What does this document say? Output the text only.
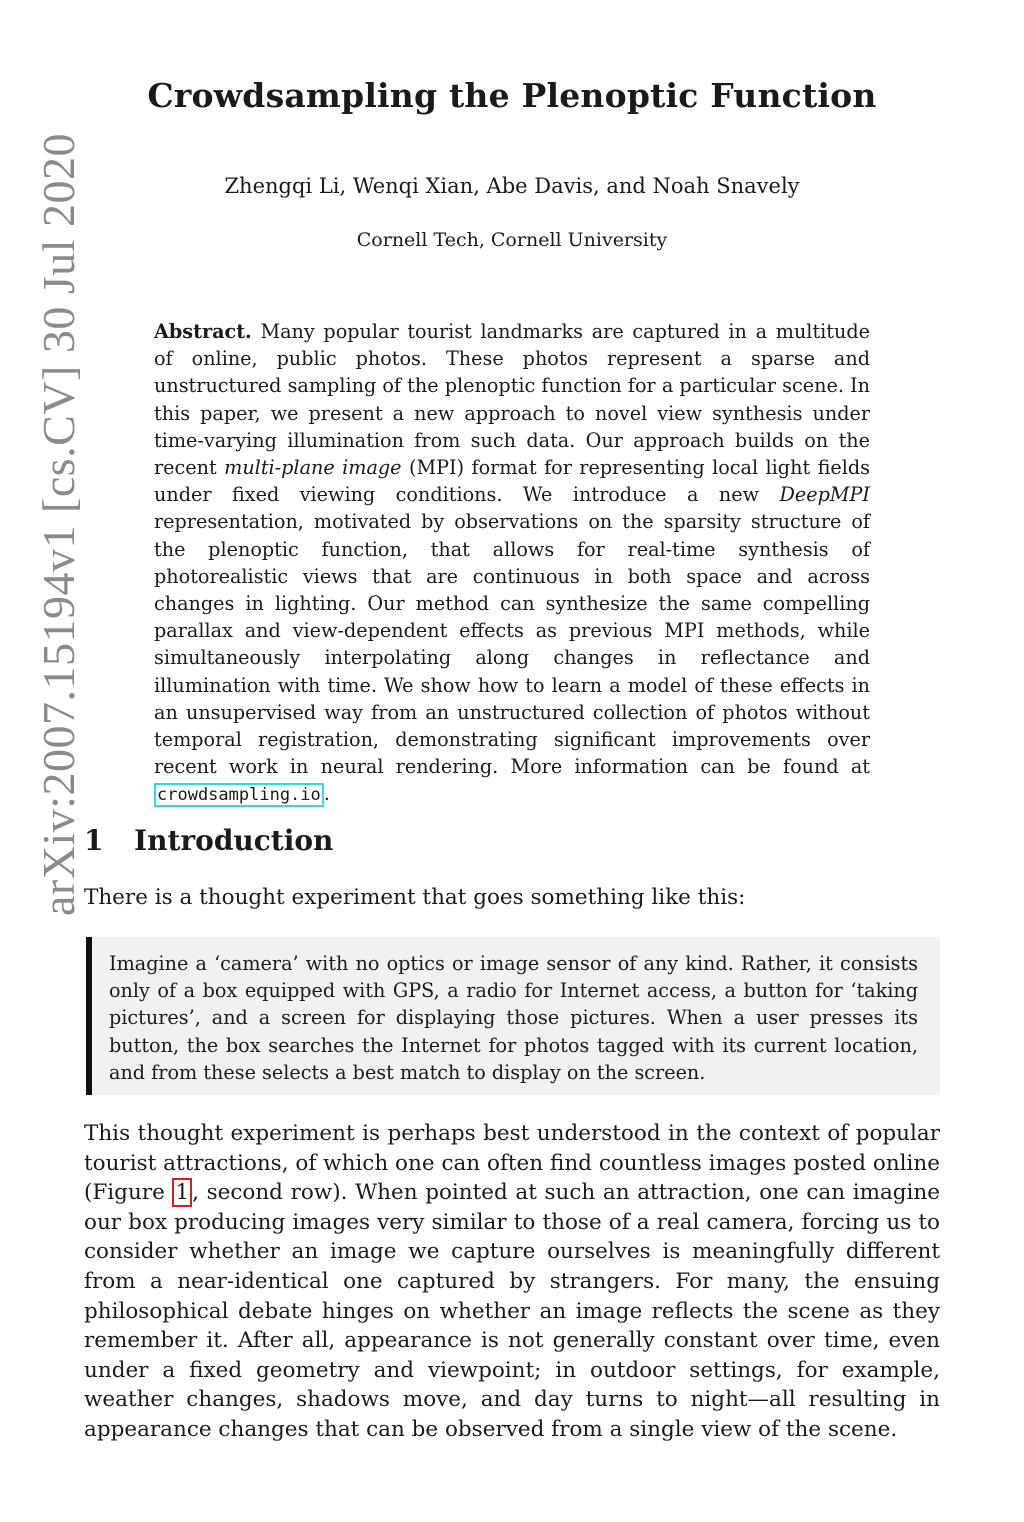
arXiv:2007.15194v1 [cs.CV] 30 Jul 2020
Crowdsampling the Plenoptic Function
Zhengqi Li, Wenqi Xian, Abe Davis, and Noah Snavely
Cornell Tech, Cornell University
Abstract. Many popular tourist landmarks are captured in a multitude of online, public photos. These photos represent a sparse and unstructured sampling of the plenoptic function for a particular scene. In this paper, we present a new approach to novel view synthesis under time-varying illumination from such data. Our approach builds on the recent multi-plane image (MPI) format for representing local light fields under fixed viewing conditions. We introduce a new DeepMPI representation, motivated by observations on the sparsity structure of the plenoptic function, that allows for real-time synthesis of photorealistic views that are continuous in both space and across changes in lighting. Our method can synthesize the same compelling parallax and view-dependent effects as previous MPI methods, while simultaneously interpolating along changes in reflectance and illumination with time. We show how to learn a model of these effects in an unsupervised way from an unstructured collection of photos without temporal registration, demonstrating significant improvements over recent work in neural rendering. More information can be found at crowdsampling.io .
1 Introduction
There is a thought experiment that goes something like this:
Imagine a ‘camera’ with no optics or image sensor of any kind. Rather, it consists only of a box equipped with GPS, a radio for Internet access, a button for ‘taking pictures’, and a screen for displaying those pictures. When a user presses its button, the box searches the Internet for photos tagged with its current location, and from these selects a best match to display on the screen.
This thought experiment is perhaps best understood in the context of popular tourist attractions, of which one can often find countless images posted online (Figure 1 , second row). When pointed at such an attraction, one can imagine our box producing images very similar to those of a real camera, forcing us to consider whether an image we capture ourselves is meaningfully different from a near-identical one captured by strangers. For many, the ensuing philosophical debate hinges on whether an image reflects the scene as they remember it. After all, appearance is not generally constant over time, even under a fixed geometry and viewpoint; in outdoor settings, for example, weather changes, shadows move, and day turns to night—all resulting in appearance changes that can be observed from a single view of the scene.
